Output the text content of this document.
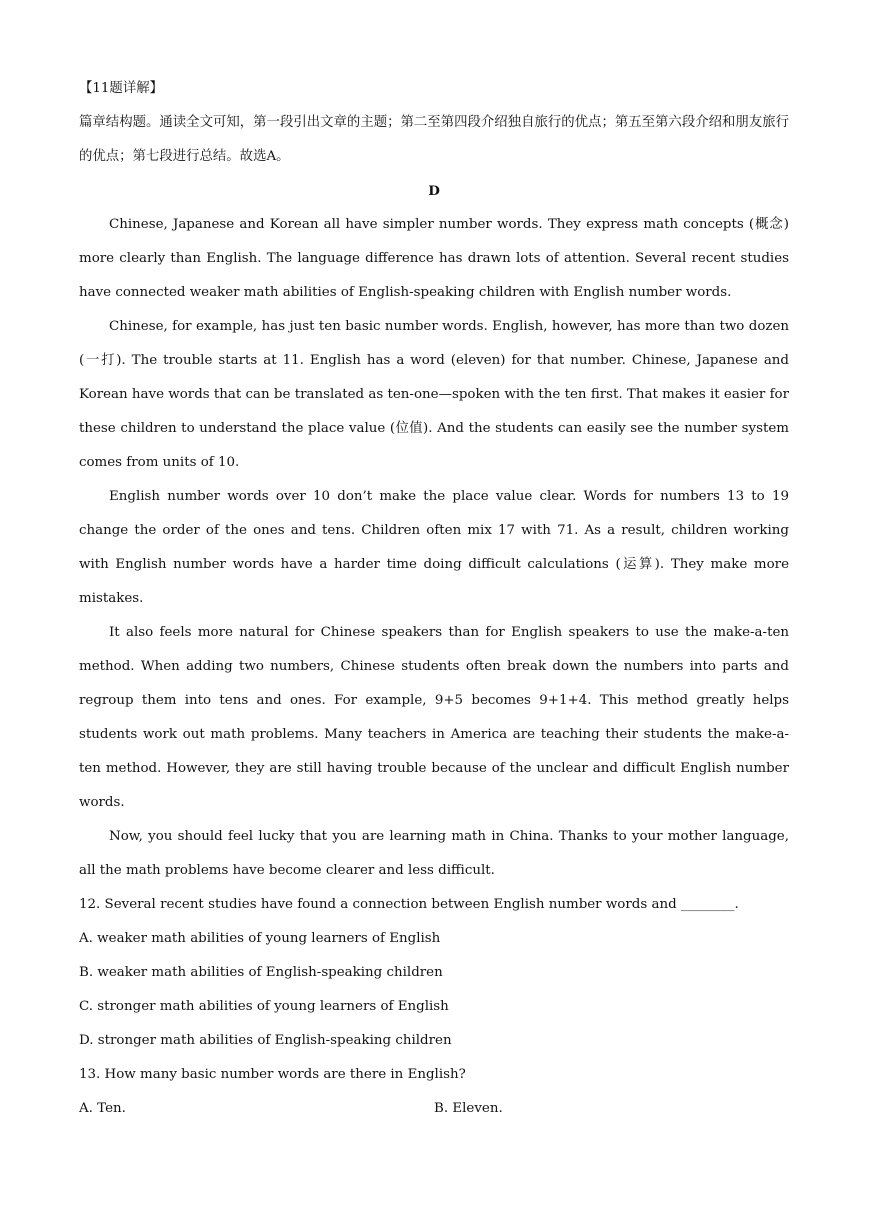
【11题详解】

篇章结构题。通读全文可知，第一段引出文章的主题；第二至第四段介绍独自旅行的优点；第五至第六段介绍和朋友旅行的优点；第七段进行总结。故选A。

D

Chinese, Japanese and Korean all have simpler number words. They express math concepts (概念) more clearly than English. The language difference has drawn lots of attention. Several recent studies have connected weaker math abilities of English-speaking children with English number words.

Chinese, for example, has just ten basic number words. English, however, has more than two dozen (一打). The trouble starts at 11. English has a word (eleven) for that number. Chinese, Japanese and Korean have words that can be translated as ten-one—spoken with the ten first. That makes it easier for these children to understand the place value (位值). And the students can easily see the number system comes from units of 10.

English number words over 10 don’t make the place value clear. Words for numbers 13 to 19 change the order of the ones and tens. Children often mix 17 with 71. As a result, children working with English number words have a harder time doing difficult calculations (运算). They make more mistakes.

It also feels more natural for Chinese speakers than for English speakers to use the make-a-ten method. When adding two numbers, Chinese students often break down the numbers into parts and regroup them into tens and ones. For example, 9+5 becomes 9+1+4. This method greatly helps students work out math problems. Many teachers in America are teaching their students the make-a-ten method. However, they are still having trouble because of the unclear and difficult English number words.

Now, you should feel lucky that you are learning math in China. Thanks to your mother language, all the math problems have become clearer and less difficult.

12. Several recent studies have found a connection between English number words and ________.
A. weaker math abilities of young learners of English
B. weaker math abilities of English-speaking children
C. stronger math abilities of young learners of English
D. stronger math abilities of English-speaking children
13. How many basic number words are there in English?
A. Ten.	B. Eleven.
